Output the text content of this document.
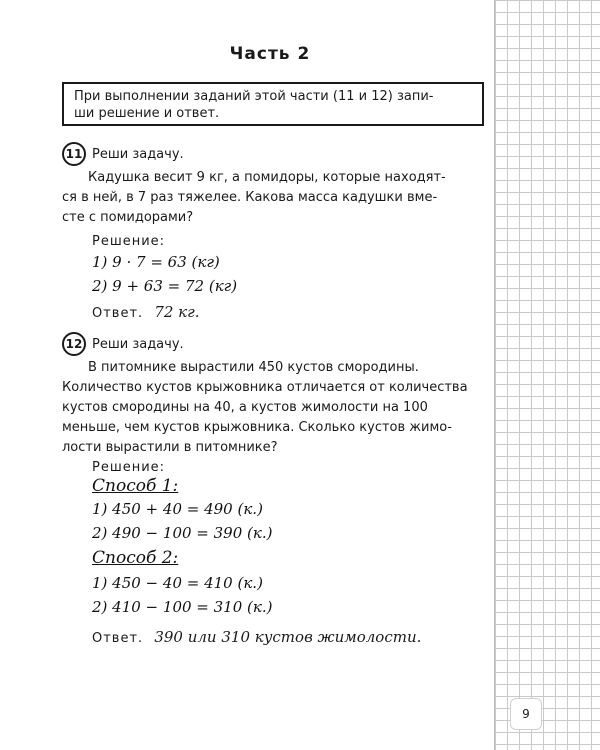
Часть 2
При выполнении заданий этой части (11 и 12) запи-
ши решение и ответ.
11 Реши задачу.
Кадушка весит 9 кг, а помидоры, которые находят-
ся в ней, в 7 раз тяжелее. Какова масса кадушки вме-
сте с помидорами?
Решение:
1) 9 · 7 = 63 (кг)
2) 9 + 63 = 72 (кг)
Ответ. 72 кг.
12 Реши задачу.
В питомнике вырастили 450 кустов смородины.
Количество кустов крыжовника отличается от количества
кустов смородины на 40, а кустов жимолости на 100
меньше, чем кустов крыжовника. Сколько кустов жимо-
лости вырастили в питомнике?
Решение:
Способ 1:
1) 450 + 40 = 490 (к.)
2) 490 − 100 = 390 (к.)
Способ 2:
1) 450 − 40 = 410 (к.)
2) 410 − 100 = 310 (к.)
Ответ. 390 или 310 кустов жимолости.
9
